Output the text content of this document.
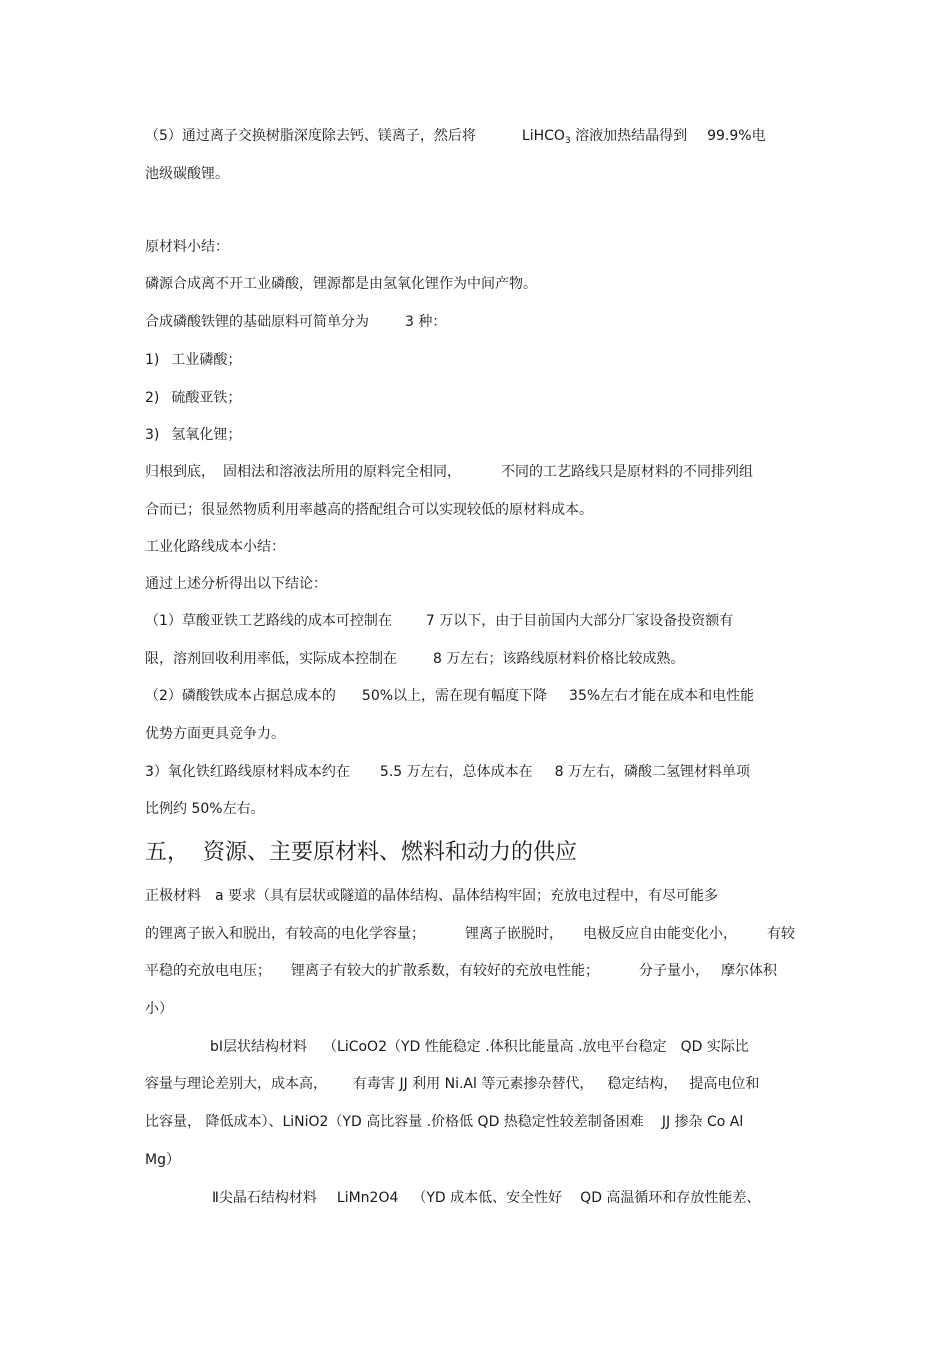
（5）通过离子交换树脂深度除去钙、镁离子，然后将	LiHCO$_3$ 溶液加热结晶得到 99.9%电
池级碳酸锂。
原材料小结：
磷源合成离不开工业磷酸，锂源都是由氢氧化锂作为中间产物。
合成磷酸铁锂的基础原料可简单分为	3 种：
1) 工业磷酸；
2) 硫酸亚铁；
3) 氢氧化锂；
归根到底， 固相法和溶液法所用的原料完全相同，	不同的工艺路线只是原材料的不同排列组
合而已；很显然物质利用率越高的搭配组合可以实现较低的原材料成本。
工业化路线成本小结：
通过上述分析得出以下结论：
（1）草酸亚铁工艺路线的成本可控制在 7 万以下，由于目前国内大部分厂家设备投资额有
限，溶剂回收利用率低，实际成本控制在	8 万左右；该路线原材料价格比较成熟。
（2）磷酸铁成本占据总成本的 50%以上，需在现有幅度下降 35%左右才能在成本和电性能
优势方面更具竞争力。
3）氧化铁红路线原材料成本约在 5.5 万左右，总体成本在 8 万左右，磷酸二氢锂材料单项
比例约 50%左右。
五， 资源、主要原材料、燃料和动力的供应
正极材料 a 要求（具有层状或隧道的晶体结构、晶体结构牢固；充放电过程中，有尽可能多
的锂离子嵌入和脱出，有较高的电化学容量；	锂离子嵌脱时， 电极反应自由能变化小， 有较
平稳的充放电电压； 锂离子有较大的扩散系数，有较好的充放电性能；	分子量小， 摩尔体积
小）
bⅠ层状结构材料 （LiCoO2（YD 性能稳定 .体积比能量高 .放电平台稳定 QD 实际比
容量与理论差别大，成本高， 有毒害 JJ 利用 Ni.Al 等元素掺杂替代， 稳定结构， 提高电位和
比容量， 降低成本）、LiNiO2（YD 高比容量 .价格低 QD 热稳定性较差制备困难 JJ 掺杂 Co Al
Mg）
Ⅱ尖晶石结构材料 LiMn2O4 （YD 成本低、安全性好 QD 高温循环和存放性能差、
